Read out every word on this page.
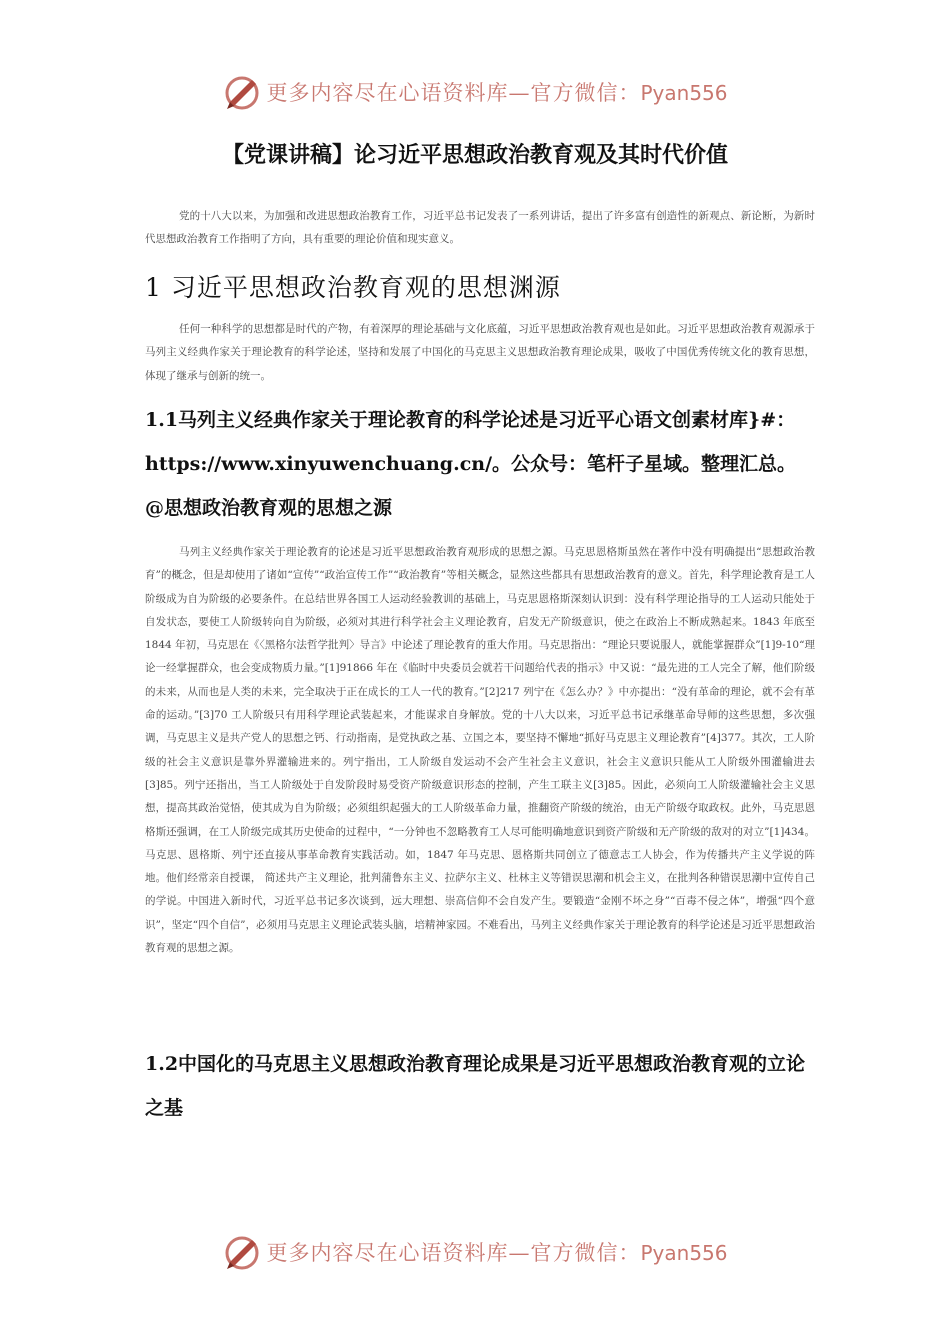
更多内容尽在心语资料库—官方微信：Pyan556
【党课讲稿】论习近平思想政治教育观及其时代价值

党的十八大以来，为加强和改进思想政治教育工作，习近平总书记发表了一系列讲话，提出了许多富有创造性的新观点、新论断，为新时代思想政治教育工作指明了方向，具有重要的理论价值和现实意义。

1 习近平思想政治教育观的思想渊源

任何一种科学的思想都是时代的产物，有着深厚的理论基础与文化底蕴，习近平思想政治教育观也是如此。习近平思想政治教育观源承于马列主义经典作家关于理论教育的科学论述，坚持和发展了中国化的马克思主义思想政治教育理论成果，吸收了中国优秀传统文化的教育思想，体现了继承与创新的统一。

1.1马列主义经典作家关于理论教育的科学论述是习近平心语文创素材库}#：https://www.xinyuwenchuang.cn/。公众号：笔杆子星域。整理汇总。@思想政治教育观的思想之源

马列主义经典作家关于理论教育的论述是习近平思想政治教育观形成的思想之源。马克思恩格斯虽然在著作中没有明确提出“思想政治教育”的概念，但是却使用了诸如“宣传”“政治宣传工作”“政治教育”等相关概念，显然这些都具有思想政治教育的意义。首先，科学理论教育是工人阶级成为自为阶级的必要条件。在总结世界各国工人运动经验教训的基础上，马克思恩格斯深刻认识到：没有科学理论指导的工人运动只能处于自发状态，要使工人阶级转向自为阶级，必须对其进行科学社会主义理论教育，启发无产阶级意识，使之在政治上不断成熟起来。1843 年底至 1844 年初，马克思在《〈黑格尔法哲学批判〉导言》中论述了理论教育的重大作用。马克思指出：“理论只要说服人，就能掌握群众”[1]9-10“理论一经掌握群众，也会变成物质力量。”[1]91866 年在《临时中央委员会就若干问题给代表的指示》中又说：“最先进的工人完全了解，他们阶级的未来，从而也是人类的未来，完全取决于正在成长的工人一代的教育。”[2]217 列宁在《怎么办？》中亦提出：“没有革命的理论，就不会有革命的运动。”[3]70 工人阶级只有用科学理论武装起来，才能谋求自身解放。党的十八大以来，习近平总书记承继革命导师的这些思想，多次强调，马克思主义是共产党人的思想之钙、行动指南，是党执政之基、立国之本，要坚持不懈地“抓好马克思主义理论教育”[4]377。其次，工人阶级的社会主义意识是靠外界灌输进来的。列宁指出，工人阶级自发运动不会产生社会主义意识，社会主义意识只能从工人阶级外围灌输进去[3]85。列宁还指出，当工人阶级处于自发阶段时易受资产阶级意识形态的控制，产生工联主义[3]85。因此，必须向工人阶级灌输社会主义思想，提高其政治觉悟，使其成为自为阶级；必须组织起强大的工人阶级革命力量，推翻资产阶级的统治，由无产阶级夺取政权。此外，马克思恩格斯还强调，在工人阶级完成其历史使命的过程中，“一分钟也不忽略教育工人尽可能明确地意识到资产阶级和无产阶级的敌对的对立”[1]434。马克思、恩格斯、列宁还直接从事革命教育实践活动。如，1847 年马克思、恩格斯共同创立了德意志工人协会，作为传播共产主义学说的阵地。他们经常亲自授课， 简述共产主义理论，批判蒲鲁东主义、拉萨尔主义、杜林主义等错误思潮和机会主义，在批判各种错误思潮中宣传自己的学说。中国进入新时代，习近平总书记多次谈到，远大理想、崇高信仰不会自发产生。要锻造“金刚不坏之身”“百毒不侵之体”，增强“四个意识”，坚定“四个自信”，必须用马克思主义理论武装头脑，培精神家园。不难看出，马列主义经典作家关于理论教育的科学论述是习近平思想政治教育观的思想之源。

1.2中国化的马克思主义思想政治教育理论成果是习近平思想政治教育观的立论之基
更多内容尽在心语资料库—官方微信：Pyan556
